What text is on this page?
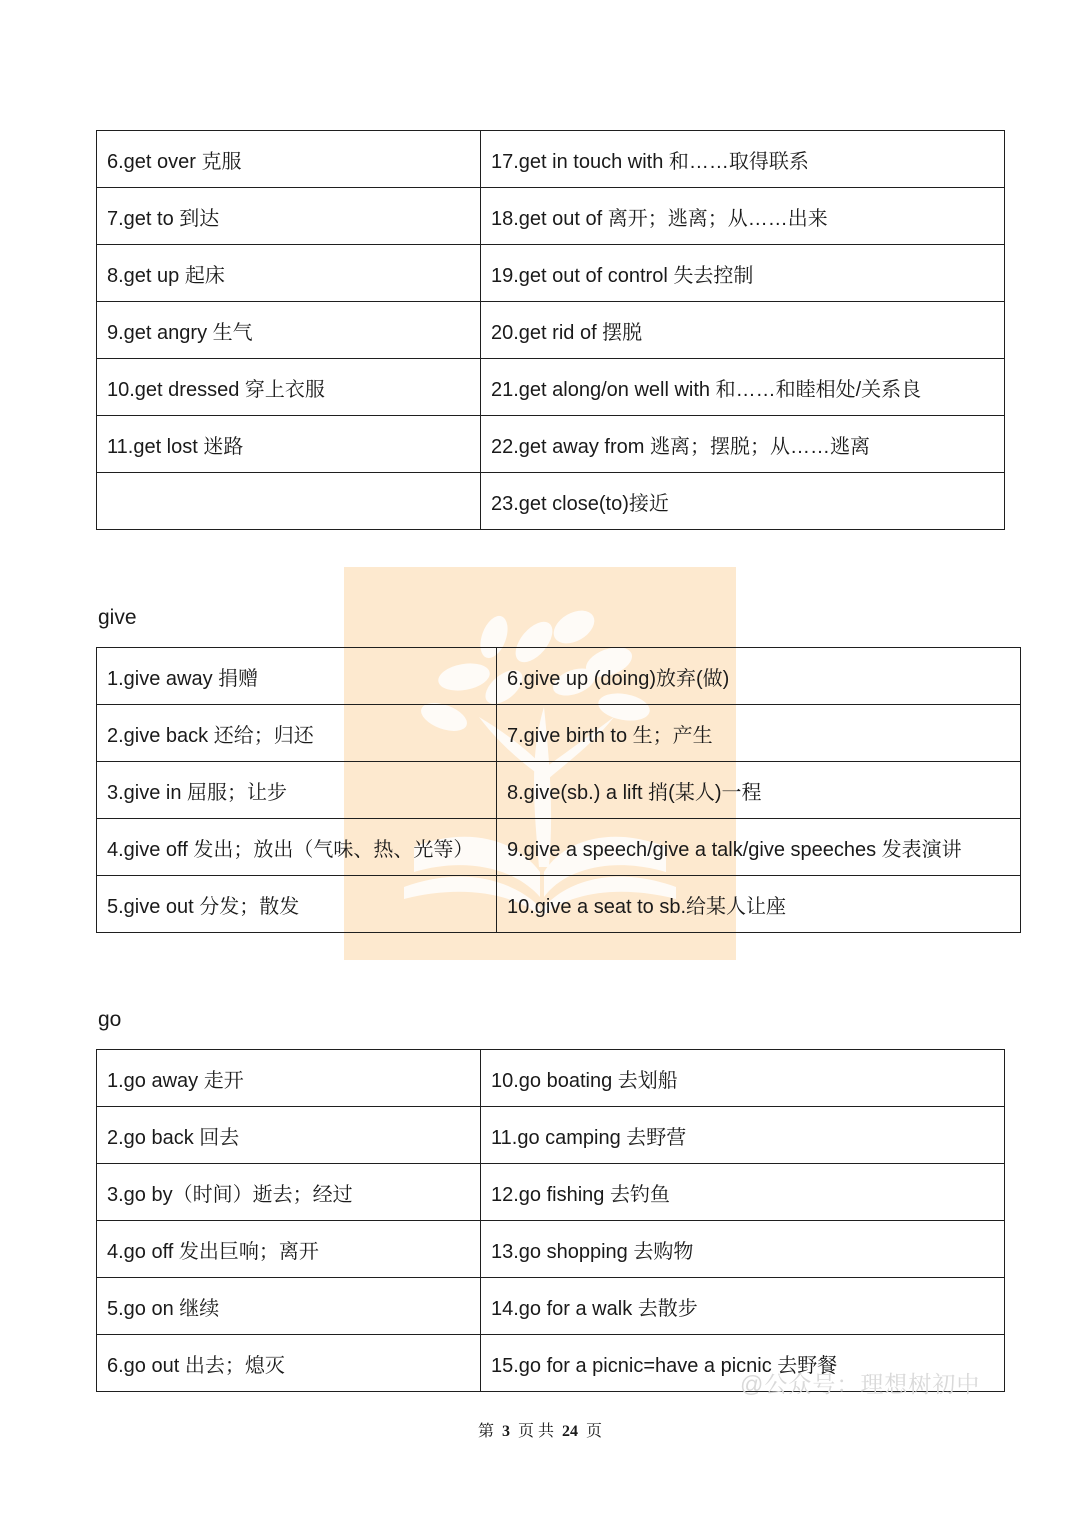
6.get over 克服	17.get in touch with 和……取得联系
7.get to 到达	18.get out of 离开；逃离；从……出来
8.get up 起床	19.get out of control 失去控制
9.get angry 生气	20.get rid of 摆脱
10.get dressed 穿上衣服	21.get along/on well with 和……和睦相处/关系良
11.get lost 迷路	22.get away from 逃离；摆脱；从……逃离
	23.get close(to)接近
give
1.give away 捐赠	6.give up (doing)放弃(做)
2.give back 还给；归还	7.give birth to 生；产生
3.give in 屈服；让步	8.give(sb.) a lift 捎(某人)一程
4.give off 发出；放出（气味、热、光等）	9.give a speech/give a talk/give speeches 发表演讲
5.give out 分发；散发	10.give a seat to sb.给某人让座
go
1.go away 走开	10.go boating 去划船
2.go back 回去	11.go camping 去野营
3.go by（时间）逝去；经过	12.go fishing 去钓鱼
4.go off 发出巨响；离开	13.go shopping 去购物
5.go on 继续	14.go for a walk 去散步
6.go out 出去；熄灭	15.go for a picnic=have a picnic 去野餐
@公众号：理想树初中
第 3 页 共 24 页
